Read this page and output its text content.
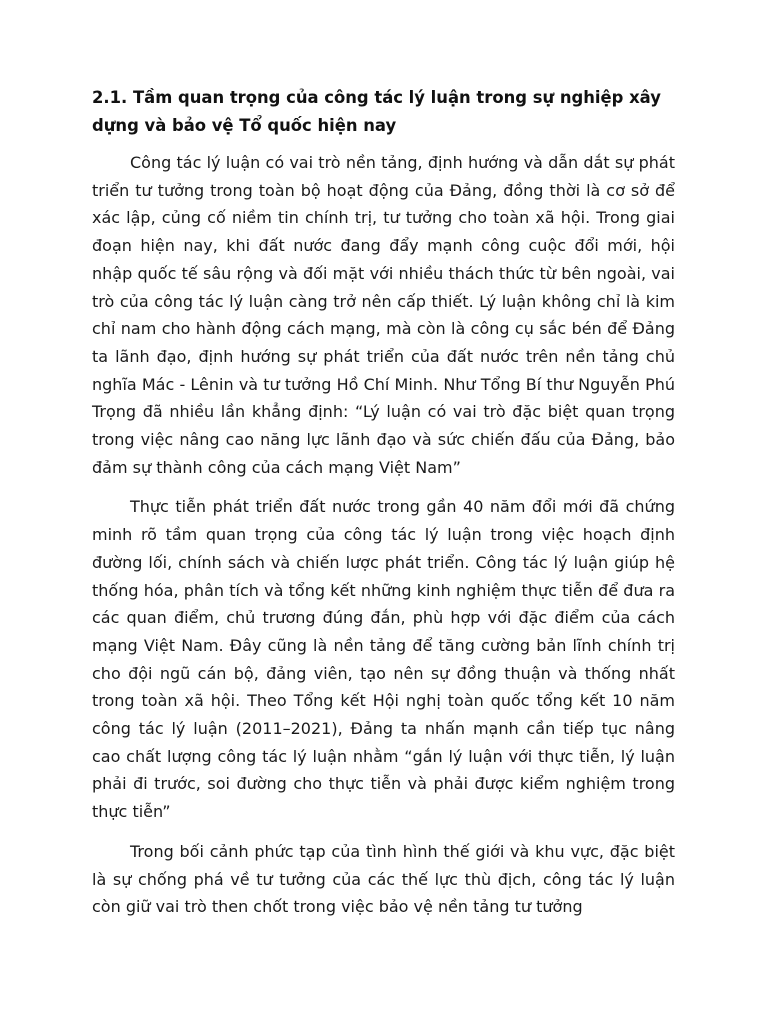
2.1. Tầm quan trọng của công tác lý luận trong sự nghiệp xây dựng và bảo vệ Tổ quốc hiện nay

Công tác lý luận có vai trò nền tảng, định hướng và dẫn dắt sự phát triển tư tưởng trong toàn bộ hoạt động của Đảng, đồng thời là cơ sở để xác lập, củng cố niềm tin chính trị, tư tưởng cho toàn xã hội. Trong giai đoạn hiện nay, khi đất nước đang đẩy mạnh công cuộc đổi mới, hội nhập quốc tế sâu rộng và đối mặt với nhiều thách thức từ bên ngoài, vai trò của công tác lý luận càng trở nên cấp thiết. Lý luận không chỉ là kim chỉ nam cho hành động cách mạng, mà còn là công cụ sắc bén để Đảng ta lãnh đạo, định hướng sự phát triển của đất nước trên nền tảng chủ nghĩa Mác - Lênin và tư tưởng Hồ Chí Minh. Như Tổng Bí thư Nguyễn Phú Trọng đã nhiều lần khẳng định: “Lý luận có vai trò đặc biệt quan trọng trong việc nâng cao năng lực lãnh đạo và sức chiến đấu của Đảng, bảo đảm sự thành công của cách mạng Việt Nam”

Thực tiễn phát triển đất nước trong gần 40 năm đổi mới đã chứng minh rõ tầm quan trọng của công tác lý luận trong việc hoạch định đường lối, chính sách và chiến lược phát triển. Công tác lý luận giúp hệ thống hóa, phân tích và tổng kết những kinh nghiệm thực tiễn để đưa ra các quan điểm, chủ trương đúng đắn, phù hợp với đặc điểm của cách mạng Việt Nam. Đây cũng là nền tảng để tăng cường bản lĩnh chính trị cho đội ngũ cán bộ, đảng viên, tạo nên sự đồng thuận và thống nhất trong toàn xã hội. Theo Tổng kết Hội nghị toàn quốc tổng kết 10 năm công tác lý luận (2011–2021), Đảng ta nhấn mạnh cần tiếp tục nâng cao chất lượng công tác lý luận nhằm “gắn lý luận với thực tiễn, lý luận phải đi trước, soi đường cho thực tiễn và phải được kiểm nghiệm trong thực tiễn”

Trong bối cảnh phức tạp của tình hình thế giới và khu vực, đặc biệt là sự chống phá về tư tưởng của các thế lực thù địch, công tác lý luận còn giữ vai trò then chốt trong việc bảo vệ nền tảng tư tưởng
